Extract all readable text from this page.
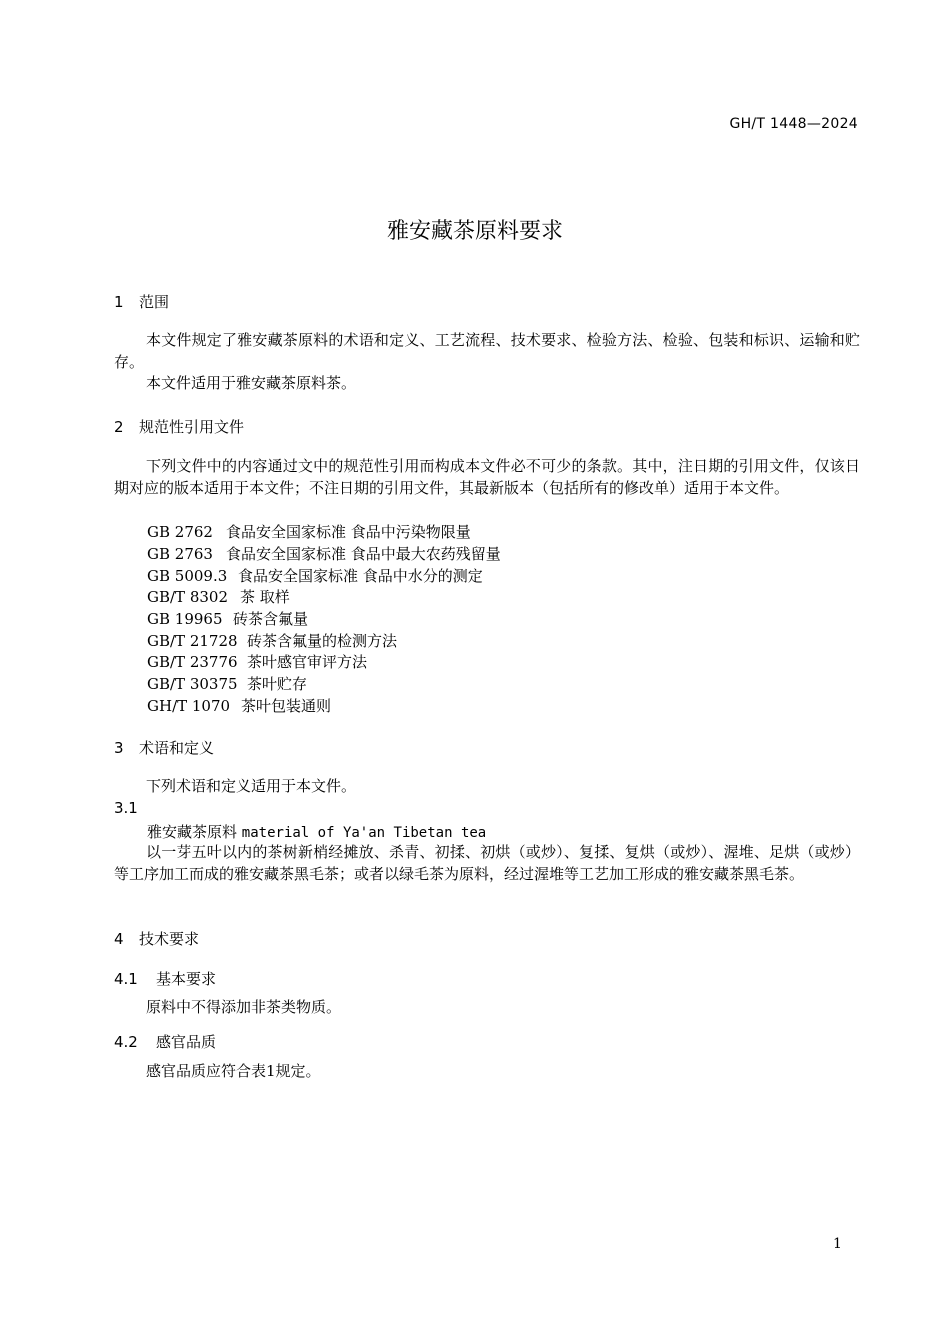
GH/T 1448—2024
雅安藏茶原料要求
1 范围
本文件规定了雅安藏茶原料的术语和定义、工艺流程、技术要求、检验方法、检验、包装和标识、运输和贮存。
本文件适用于雅安藏茶原料茶。
2 规范性引用文件
下列文件中的内容通过文中的规范性引用而构成本文件必不可少的条款。其中，注日期的引用文件，仅该日期对应的版本适用于本文件；不注日期的引用文件，其最新版本（包括所有的修改单）适用于本文件。
GB 2762 食品安全国家标准 食品中污染物限量
GB 2763 食品安全国家标准 食品中最大农药残留量
GB 5009.3 食品安全国家标准 食品中水分的测定
GB/T 8302 茶 取样
GB 19965 砖茶含氟量
GB/T 21728 砖茶含氟量的检测方法
GB/T 23776 茶叶感官审评方法
GB/T 30375 茶叶贮存
GH/T 1070 茶叶包装通则
3 术语和定义
下列术语和定义适用于本文件。
3.1
雅安藏茶原料 material of Ya'an Tibetan tea
以一芽五叶以内的茶树新梢经摊放、杀青、初揉、初烘（或炒）、复揉、复烘（或炒）、渥堆、足烘（或炒）等工序加工而成的雅安藏茶黑毛茶；或者以绿毛茶为原料，经过渥堆等工艺加工形成的雅安藏茶黑毛茶。
4 技术要求
4.1 基本要求
原料中不得添加非茶类物质。
4.2 感官品质
感官品质应符合表1规定。
1
